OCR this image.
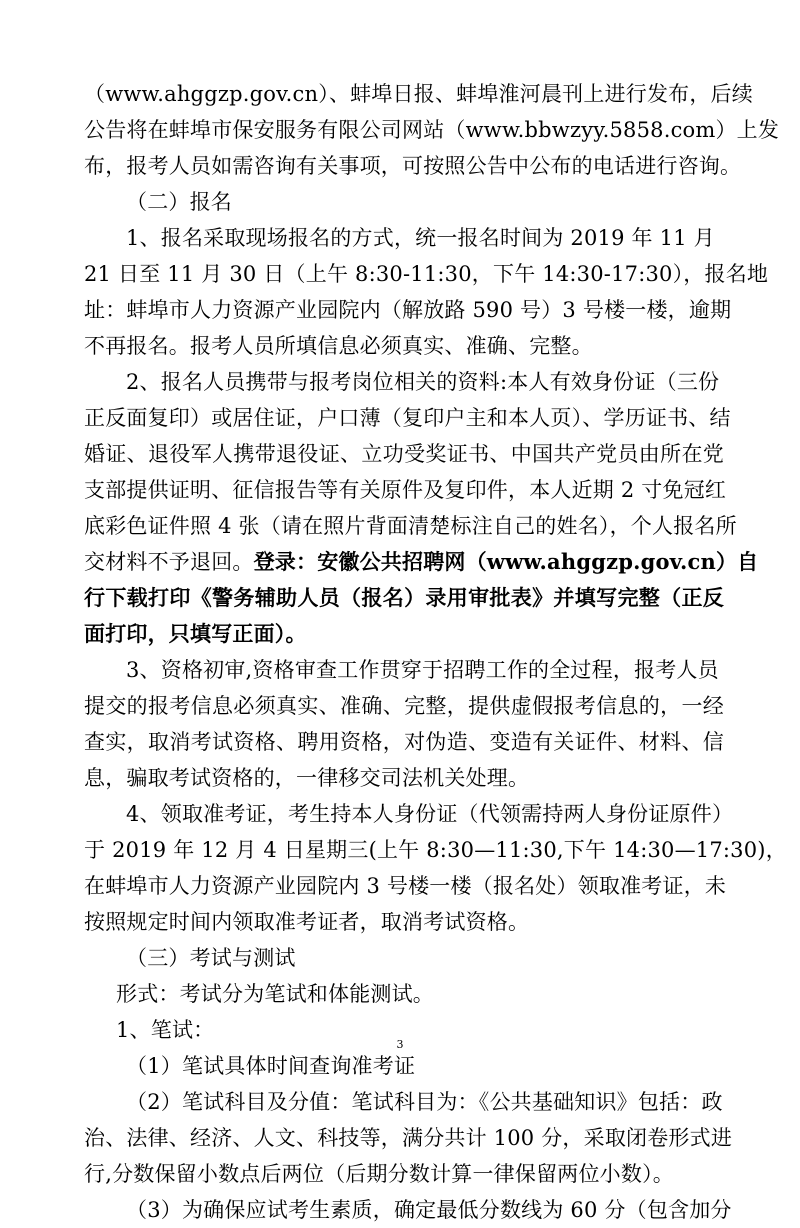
（www.ahggzp.gov.cn）、蚌埠日报、蚌埠淮河晨刊上进行发布，后续
公告将在蚌埠市保安服务有限公司网站（www.bbwzyy.5858.com）上发
布，报考人员如需咨询有关事项，可按照公告中公布的电话进行咨询。
（二）报名
1、报名采取现场报名的方式，统一报名时间为 2019 年 11 月
21 日至 11 月 30 日（上午 8:30-11:30，下午 14:30-17:30），报名地
址：蚌埠市人力资源产业园院内（解放路 590 号）3 号楼一楼，逾期
不再报名。报考人员所填信息必须真实、准确、完整。
2、报名人员携带与报考岗位相关的资料:本人有效身份证（三份
正反面复印）或居住证，户口薄（复印户主和本人页）、学历证书、结
婚证、退役军人携带退役证、立功受奖证书、中国共产党员由所在党
支部提供证明、征信报告等有关原件及复印件，本人近期 2 寸免冠红
底彩色证件照 4 张（请在照片背面清楚标注自己的姓名），个人报名所
交材料不予退回。登录：安徽公共招聘网（www.ahggzp.gov.cn）自
行下载打印《警务辅助人员（报名）录用审批表》并填写完整（正反
面打印，只填写正面）。
3、资格初审,资格审查工作贯穿于招聘工作的全过程，报考人员
提交的报考信息必须真实、准确、完整，提供虚假报考信息的，一经
查实，取消考试资格、聘用资格，对伪造、变造有关证件、材料、信
息，骗取考试资格的，一律移交司法机关处理。
4、领取准考证，考生持本人身份证（代领需持两人身份证原件）
于 2019 年 12 月 4 日星期三(上午 8:30—11:30,下午 14:30—17:30)，
在蚌埠市人力资源产业园院内 3 号楼一楼（报名处）领取准考证，未
按照规定时间内领取准考证者，取消考试资格。
（三）考试与测试
形式：考试分为笔试和体能测试。
1、笔试：
（1）笔试具体时间查询准考证
（2）笔试科目及分值：笔试科目为：《公共基础知识》包括：政
治、法律、经济、人文、科技等，满分共计 100 分，采取闭卷形式进
行,分数保留小数点后两位（后期分数计算一律保留两位小数）。
（3）为确保应试考生素质，确定最低分数线为 60 分（包含加分
3
